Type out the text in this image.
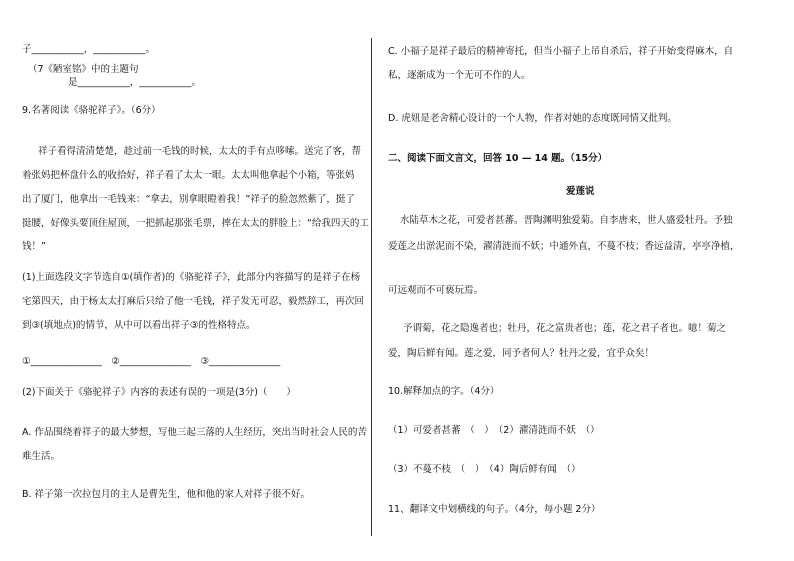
子___________，___________。
（7《陋室铭》中的主题句
是___________，___________。
9.名著阅读《骆驼祥子》。（6分）
祥子看得清清楚楚，趁过前一毛钱的时候，太太的手有点哆嗦。送完了客，帮
着张妈把杯盘什么的收拾好，祥子看了太太一眼。太太叫他拿起个小箱，等张妈
出了厦门，他拿出一毛钱来：“拿去，别拿眼瞪着我！”祥子的脸忽然紫了，挺了
挺腰，好像头要顶住屋顶，一把抓起那张毛票，摔在太太的胖脸上：“给我四天的工
钱！”
(1)上面选段文字节选自①(填作者)的《骆驼祥子》，此部分内容描写的是祥子在杨
宅第四天，由于杨太太打麻后只给了他一毛钱，祥子发无可忍，毅然辞工，再次回
到③(填地点)的情节，从中可以看出祥子③的性格特点。
①_______________　②_______________　③_______________
(2)下面关于《骆驼祥子》内容的表述有误的一项是(3分)（　　）
A. 作品围绕着祥子的最大梦想，写他三起三落的人生经历，突出当时社会人民的苦
难生活。
B. 祥子第一次拉包月的主人是曹先生，他和他的家人对祥子很不好。
C. 小福子是祥子最后的精神寄托，但当小福子上吊自杀后，祥子开始变得麻木，自
私，逐渐成为一个无可不作的人。
D. 虎妞是老舍精心设计的一个人物，作者对她的态度既同情又批判。
二、阅读下面文言文，回答 10 — 14 题。（15分）
爱莲说
水陆草木之花，可爱者甚蕃。晋陶渊明独爱菊。自李唐来，世人盛爱牡丹。予独
爱莲之出淤泥而不染，濯清涟而不妖；中通外直，不蔓不枝；香远益清，亭亭净植，
可远观而不可亵玩焉。
予谓菊，花之隐逸者也；牡丹，花之富贵者也；莲，花之君子者也。噫！菊之
爱，陶后鲜有闻。莲之爱，同予者何人？牡丹之爱，宜乎众矣！
10.解释加点的字。（4分）
（1）可爱者甚蕃　（　）　（2）濯清涟而不妖　（）
（3）不蔓不枝　（　）　（4）陶后鲜有闻　（）
11、翻译文中划横线的句子。（4分，每小题 2分）
